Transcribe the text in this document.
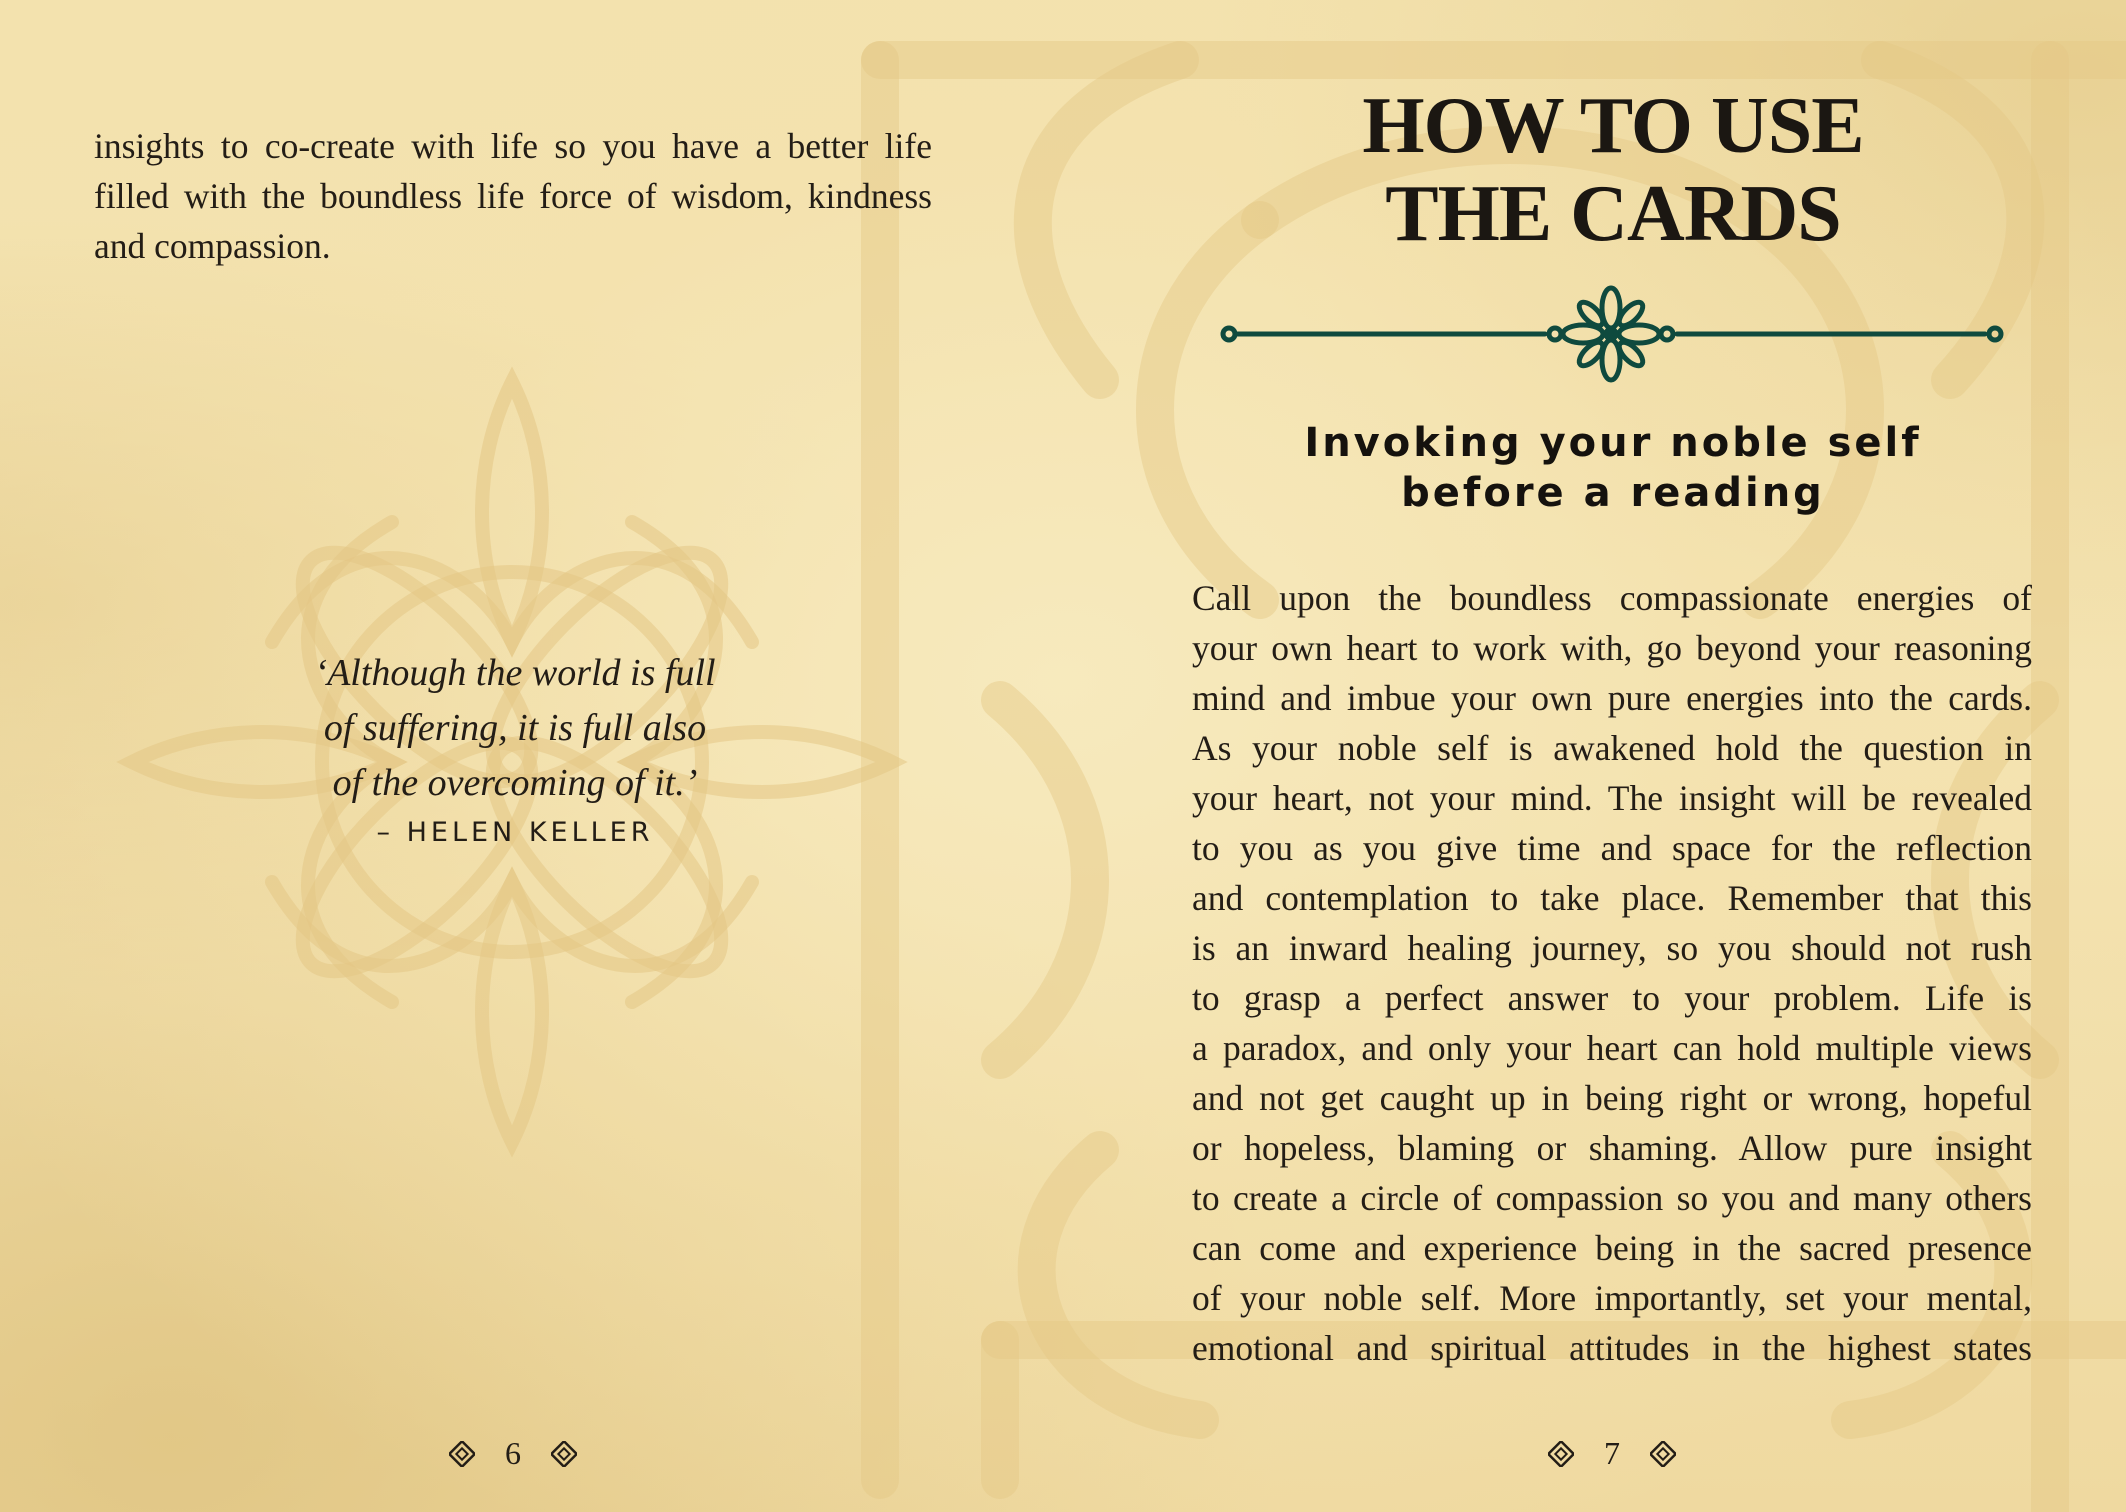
insights to co-create with life so you have a better life

filled with the boundless life force of wisdom, kindness

and compassion.

‘Although the world is full
of suffering, it is full also
of the overcoming of it.’
– HELEN KELLER
6
HOW TO USE
THE CARDS
Invoking your noble self
before a reading

Call upon the boundless compassionate energies of

your own heart to work with, go beyond your reasoning

mind and imbue your own pure energies into the cards.

As your noble self is awakened hold the question in

your heart, not your mind. The insight will be revealed

to you as you give time and space for the reflection

and contemplation to take place. Remember that this

is an inward healing journey, so you should not rush

to grasp a perfect answer to your problem. Life is

a paradox, and only your heart can hold multiple views

and not get caught up in being right or wrong, hopeful

or hopeless, blaming or shaming. Allow pure insight

to create a circle of compassion so you and many others

can come and experience being in the sacred presence

of your noble self. More importantly, set your mental,

emotional and spiritual attitudes in the highest states

7
